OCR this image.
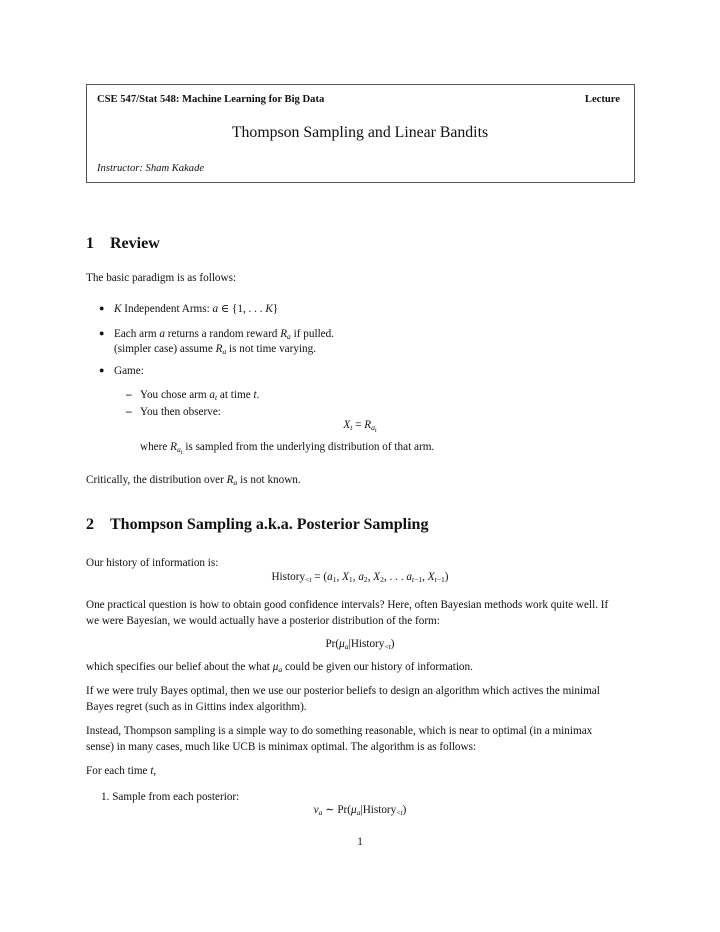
CSE 547/Stat 548: Machine Learning for Big Data	Lecture
Thompson Sampling and Linear Bandits
Instructor: Sham Kakade
1 Review
The basic paradigm is as follows:
● K Independent Arms: a ∈ {1, . . . K}
● Each arm a returns a random reward $R_a$ if pulled.
(simpler case) assume $R_a$ is not time varying.
● Game:
– You chose arm $a_t$ at time t.
– You then observe:
$X_t = R_{a_t}$
where $R_{a_t}$ is sampled from the underlying distribution of that arm.
Critically, the distribution over $R_a$ is not known.
2 Thompson Sampling a.k.a. Posterior Sampling
Our history of information is:
History$_{<t}$ = ($a_1$, $X_1$, $a_2$, $X_2$, . . . $a_{t-1}$, $X_{t-1}$)
One practical question is how to obtain good confidence intervals? Here, often Bayesian methods work quite well. If
we were Bayesian, we would actually have a posterior distribution of the form:
$Pr(\mu_a|History_{<t})$
which specifies our belief about the what $\mu_a$ could be given our history of information.
If we were truly Bayes optimal, then we use our posterior beliefs to design an algorithm which actives the minimal
Bayes regret (such as in Gittins index algorithm).
Instead, Thompson sampling is a simple way to do something reasonable, which is near to optimal (in a minimax
sense) in many cases, much like UCB is minimax optimal. The algorithm is as follows:
For each time t,
1. Sample from each posterior:
$\nu_a$ ∼ $Pr(\mu_a|History_{<t})$
1
